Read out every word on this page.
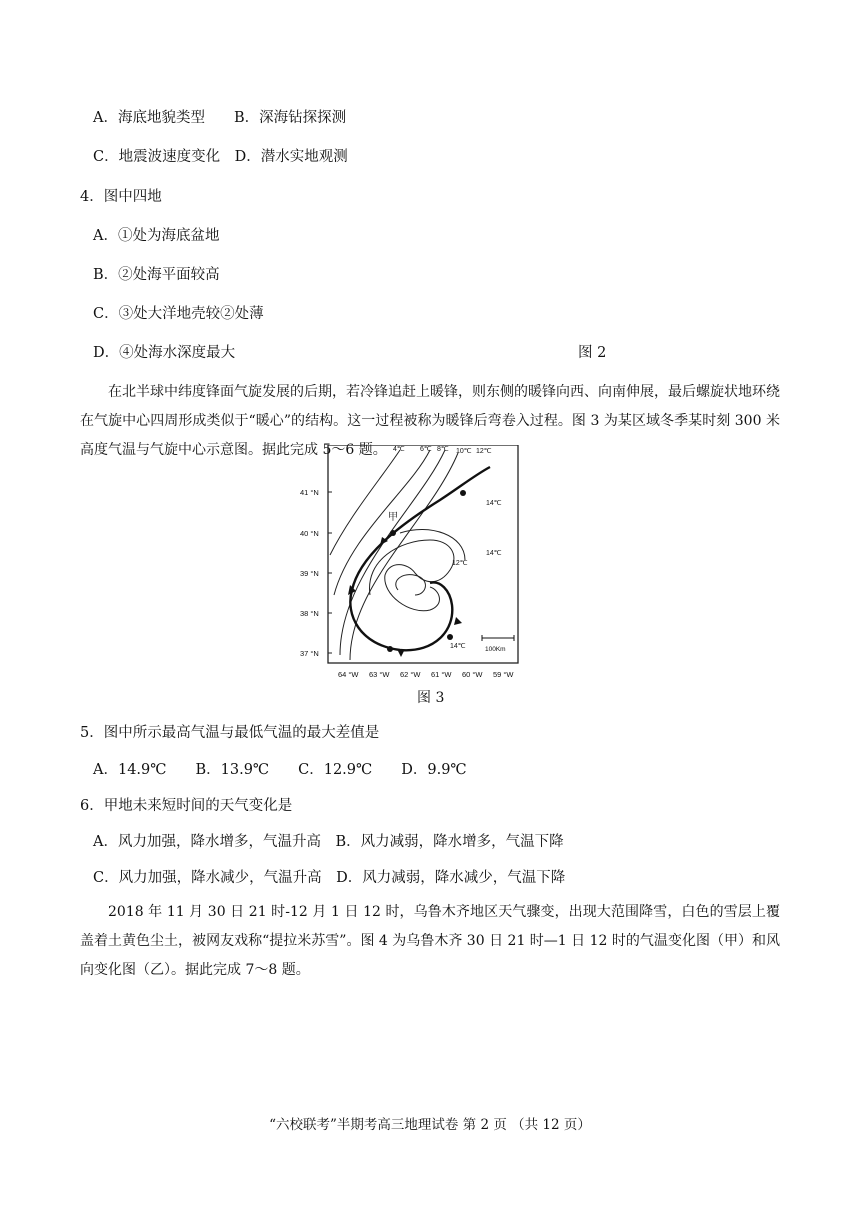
A．海底地貌类型　　B．深海钻探探测
C．地震波速度变化　D．潜水实地观测
4．图中四地
A．①处为海底盆地
B．②处海平面较高
C．③处大洋地壳较②处薄
D．④处海水深度最大	图 2
在北半球中纬度锋面气旋发展的后期，若冷锋追赶上暖锋，则东侧的暖锋向西、向南伸展，最后螺旋状地环绕在气旋中心四周形成类似于“暖心”的结构。这一过程被称为暖锋后弯卷入过程。图 3 为某区域冬季某时刻 300 米高度气温与气旋中心示意图。据此完成 5～6 题。
41 °N
40 °N
39 °N
38 °N
37 °N
64 °W 63 °W 62 °W 61 °W 60 °W 59 °W
4℃ 6℃ 8℃ 10℃ 12℃
14℃
14℃
12℃
14℃
甲
100Km
图 3
5．图中所示最高气温与最低气温的最大差值是
A．14.9℃　　B．13.9℃　　C．12.9℃　　D．9.9℃
6．甲地未来短时间的天气变化是
A．风力加强，降水增多，气温升高　B．风力减弱，降水增多，气温下降
C．风力加强，降水减少，气温升高　D．风力减弱，降水减少，气温下降
2018 年 11 月 30 日 21 时-12 月 1 日 12 时，乌鲁木齐地区天气骤变，出现大范围降雪，白色的雪层上覆盖着土黄色尘土，被网友戏称“提拉米苏雪”。图 4 为乌鲁木齐 30 日 21 时—1 日 12 时的气温变化图（甲）和风向变化图（乙）。据此完成 7～8 题。
“六校联考”半期考高三地理试卷 第 2 页 （共 12 页）
